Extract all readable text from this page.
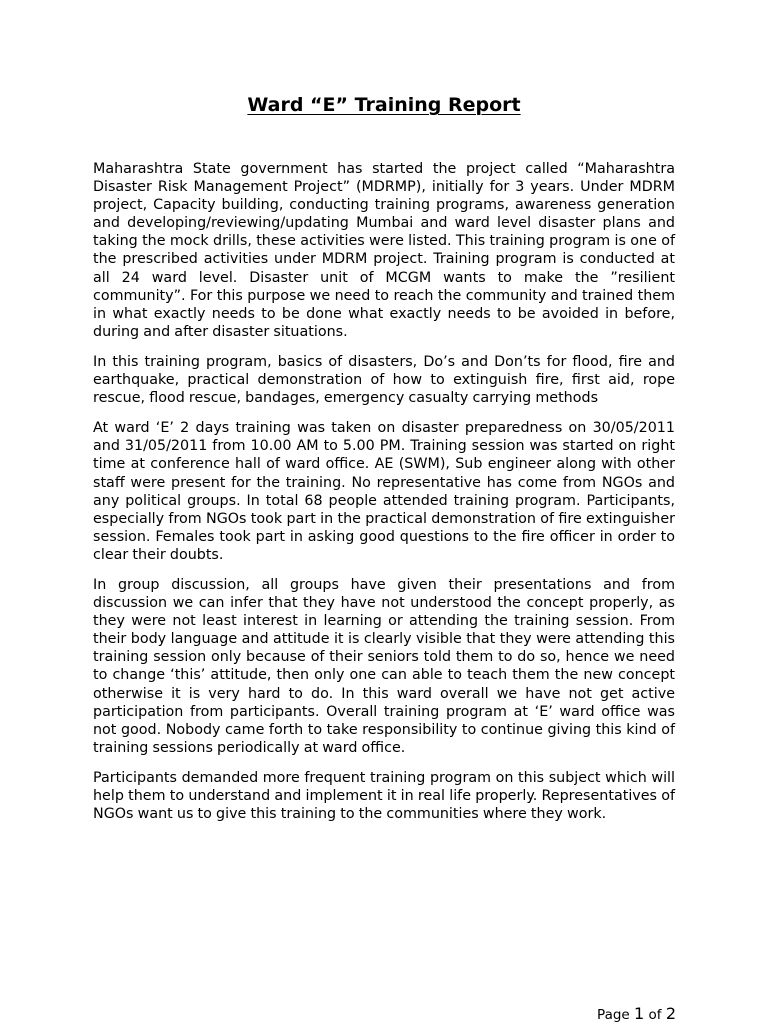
Ward “E” Training Report

Maharashtra State government has started the project called “Maharashtra Disaster Risk Management Project” (MDRMP), initially for 3 years. Under MDRM project, Capacity building, conducting training programs, awareness generation and developing/reviewing/updating Mumbai and ward level disaster plans and taking the mock drills, these activities were listed. This training program is one of the prescribed activities under MDRM project. Training program is conducted at all 24 ward level. Disaster unit of MCGM wants to make the ”resilient community”. For this purpose we need to reach the community and trained them in what exactly needs to be done what exactly needs to be avoided in before, during and after disaster situations.

In this training program, basics of disasters, Do’s and Don’ts for flood, fire and earthquake, practical demonstration of how to extinguish fire, first aid, rope rescue, flood rescue, bandages, emergency casualty carrying methods

At ward ‘E’ 2 days training was taken on disaster preparedness on 30/05/2011 and 31/05/2011 from 10.00 AM to 5.00 PM. Training session was started on right time at conference hall of ward office. AE (SWM), Sub engineer along with other staff were present for the training. No representative has come from NGOs and any political groups. In total 68 people attended training program. Participants, especially from NGOs took part in the practical demonstration of fire extinguisher session. Females took part in asking good questions to the fire officer in order to clear their doubts.

In group discussion, all groups have given their presentations and from discussion we can infer that they have not understood the concept properly, as they were not least interest in learning or attending the training session. From their body language and attitude it is clearly visible that they were attending this training session only because of their seniors told them to do so, hence we need to change ‘this’ attitude, then only one can able to teach them the new concept otherwise it is very hard to do. In this ward overall we have not get active participation from participants. Overall training program at ‘E’ ward office was not good. Nobody came forth to take responsibility to continue giving this kind of training sessions periodically at ward office.

Participants demanded more frequent training program on this subject which will help them to understand and implement it in real life properly. Representatives of NGOs want us to give this training to the communities where they work.

Page 1 of 2
